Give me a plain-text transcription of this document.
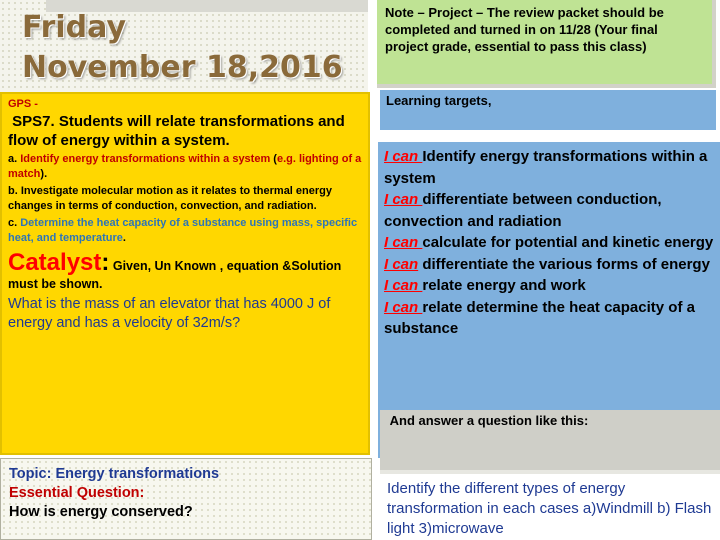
Friday
November 18,2016
Note – Project – The review packet should be completed and turned in on 11/28 (Your final project grade, essential to pass this class)
GPS -
SPS7. Students will relate transformations and flow of energy within a system.
a. Identify energy transformations within a system (e.g. lighting of a match).
b. Investigate molecular motion as it relates to thermal energy changes in terms of conduction, convection, and radiation.
c. Determine the heat capacity of a substance using mass, specific heat, and temperature.
Catalyst: Given, Un Known , equation &Solution must be shown.
What is the mass of an elevator that has 4000 J of energy and has a velocity of 32m/s?
Learning targets,
I can Identify energy transformations within a system
I can differentiate between conduction, convection and radiation
I can calculate for potential and kinetic energy
I can differentiate the various forms of energy
I can relate energy and work
I can relate determine the heat capacity of a substance
And answer a question like this:
Topic: Energy transformations
Essential Question:
How is energy conserved?
Identify the different types of energy transformation in each cases a)Windmill b) Flash light 3)microwave
